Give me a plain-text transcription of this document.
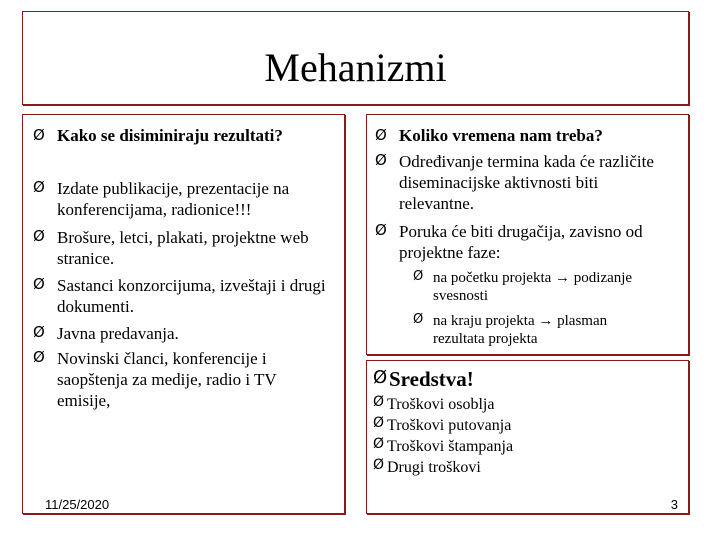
Mehanizmi
Ø Kako se disiminiraju rezultati?
Ø Izdate publikacije, prezentacije na konferencijama, radionice!!!
Ø Brošure, letci, plakati, projektne web stranice.
Ø Sastanci konzorcijuma, izveštaji i drugi dokumenti.
Ø Javna predavanja.
Ø Novinski članci, konferencije i saopštenja za medije, radio i TV emisije,
11/25/2020
Ø Koliko vremena nam treba?
Ø Određivanje termina kada će različite diseminacijske aktivnosti biti relevantne.
Ø Poruka će biti drugačija, zavisno od projektne faze:
Ø na početku projekta → podizanje svesnosti
Ø na kraju projekta → plasman rezultata projekta
Ø Sredstva!
Ø Troškovi osoblja
Ø Troškovi putovanja
Ø Troškovi štampanja
Ø Drugi troškovi
3
